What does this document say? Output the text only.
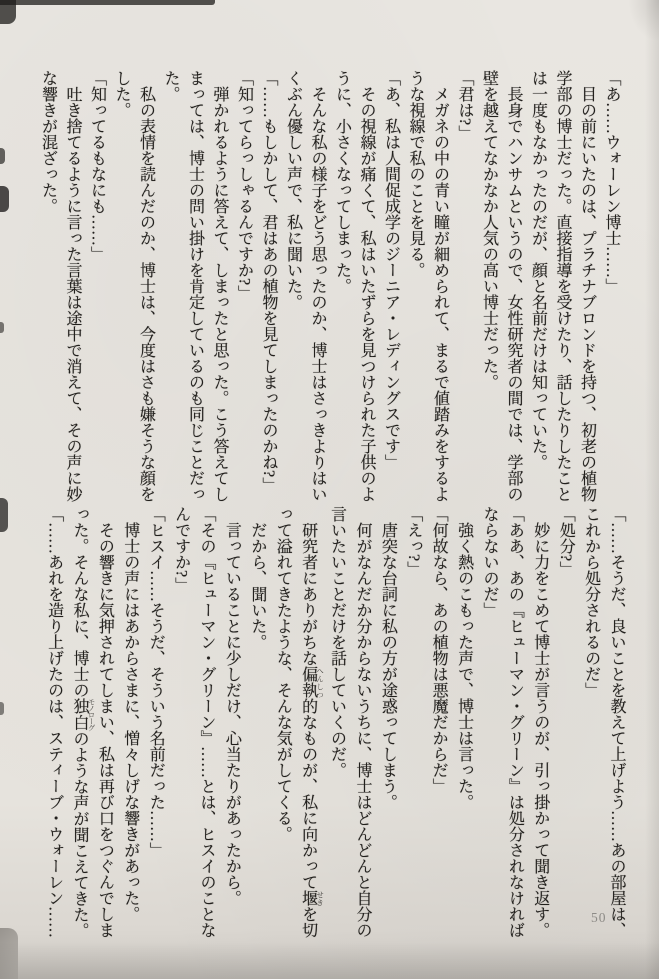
「あ……ウォーレン博士……」

目の前にいたのは、プラチナブロンドを持つ、初老の植物学部の博士だった。直接指導を受けたり、話したりしたことは一度もなかったのだが、顔と名前だけは知っていた。

長身でハンサムというので、女性研究者の間では、学部の壁を越えてなかなか人気の高い博士だった。

「君は?」

メガネの中の青い瞳が細められて、まるで値踏みをするような視線で私のことを見る。

「あ、私は人間促成学のジーニア・レディングスです」

その視線が痛くて、私はいたずらを見つけられた子供のように、小さくなってしまった。

そんな私の様子をどう思ったのか、博士はさっきよりはいくぶん優しい声で、私に聞いた。

「……もしかして、君はあの植物を見てしまったのかね?」

「知ってらっしゃるんですか?」

弾かれるように答えて、しまったと思った。こう答えてしまっては、博士の問い掛けを肯定しているのも同じことだった。

私の表情を読んだのか、博士は、今度はさも嫌そうな顔をした。

「知ってるもなにも……」

吐き捨てるように言った言葉は途中で消えて、その声に妙な響きが混ざった。

「……そうだ、良いことを教えて上げよう……あの部屋は、これから処分されるのだ」

「処分?」

妙に力をこめて博士が言うのが、引っ掛かって聞き返す。

「ああ、あの『ヒューマン・グリーン』は処分されなければならないのだ」

強く熱のこもった声で、博士は言った。

「何故なら、あの植物は悪魔だからだ」

「えっ?」

唐突な台詞に私の方が途惑ってしまう。

何がなんだか分からないうちに、博士はどんどんと自分の言いたいことだけを話していくのだ。

研究者にありがちな偏執 へんしつ的なものが、私に向かって堰 せきを切って溢れてきたような、そんな気がしてくる。

だから、聞いた。

言っていることに少しだけ、心当たりがあったから。

「その『ヒューマン・グリーン』……とは、ヒスイのことなんですか?」

「ヒスイ……そうだ、そういう名前だった……」

博士の声にはあからさまに、憎々しげな響きがあった。

その響きに気押されてしまい、私は再び口をつぐんでしまった。そんな私に、博士の独白 モノローグのような声が聞こえてきた。

「……あれを造り上げたのは、スティーブ・ウォーレン……	50
